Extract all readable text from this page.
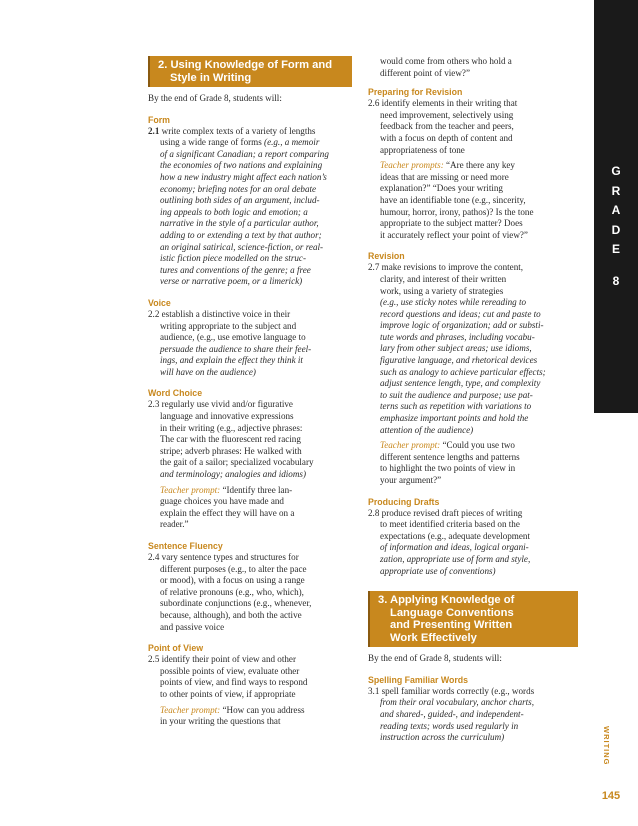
G
R
A
D
E
8
WRITING
145
2. Using Knowledge of Form and
Style in Writing
By the end of Grade 8, students will:
Form
2.1 write complex texts of a variety of lengths
using a wide range of forms (e.g., a memoir
of a significant Canadian; a report comparing
the economies of two nations and explaining
how a new industry might affect each nation’s
economy; briefing notes for an oral debate
outlining both sides of an argument, includ-
ing appeals to both logic and emotion; a
narrative in the style of a particular author,
adding to or extending a text by that author;
an original satirical, science-fiction, or real-
istic fiction piece modelled on the struc-
tures and conventions of the genre; a free
verse or narrative poem, or a limerick)
Voice
2.2 establish a distinctive voice in their
writing appropriate to the subject and
audience, (e.g., use emotive language to
persuade the audience to share their feel-
ings, and explain the effect they think it
will have on the audience)
Word Choice
2.3 regularly use vivid and/or figurative
language and innovative expressions
in their writing (e.g., adjective phrases:
The car with the fluorescent red racing
stripe; adverb phrases: He walked with
the gait of a sailor; specialized vocabulary
and terminology; analogies and idioms)
Teacher prompt: “Identify three lan-
guage choices you have made and
explain the effect they will have on a
reader.”
Sentence Fluency
2.4 vary sentence types and structures for
different purposes (e.g., to alter the pace
or mood), with a focus on using a range
of relative pronouns (e.g., who, which),
subordinate conjunctions (e.g., whenever,
because, although), and both the active
and passive voice
Point of View
2.5 identify their point of view and other
possible points of view, evaluate other
points of view, and find ways to respond
to other points of view, if appropriate
Teacher prompt: “How can you address
in your writing the questions that
would come from others who hold a
different point of view?”
Preparing for Revision
2.6 identify elements in their writing that
need improvement, selectively using
feedback from the teacher and peers,
with a focus on depth of content and
appropriateness of tone
Teacher prompts: “Are there any key
ideas that are missing or need more
explanation?” “Does your writing
have an identifiable tone (e.g., sincerity,
humour, horror, irony, pathos)? Is the tone
appropriate to the subject matter? Does
it accurately reflect your point of view?”
Revision
2.7 make revisions to improve the content,
clarity, and interest of their written
work, using a variety of strategies
(e.g., use sticky notes while rereading to
record questions and ideas; cut and paste to
improve logic of organization; add or substi-
tute words and phrases, including vocabu-
lary from other subject areas; use idioms,
figurative language, and rhetorical devices
such as analogy to achieve particular effects;
adjust sentence length, type, and complexity
to suit the audience and purpose; use pat-
terns such as repetition with variations to
emphasize important points and hold the
attention of the audience)
Teacher prompt: “Could you use two
different sentence lengths and patterns
to highlight the two points of view in
your argument?”
Producing Drafts
2.8 produce revised draft pieces of writing
to meet identified criteria based on the
expectations (e.g., adequate development
of information and ideas, logical organi-
zation, appropriate use of form and style,
appropriate use of conventions)
3. Applying Knowledge of
Language Conventions
and Presenting Written
Work Effectively
By the end of Grade 8, students will:
Spelling Familiar Words
3.1 spell familiar words correctly (e.g., words
from their oral vocabulary, anchor charts,
and shared-, guided-, and independent-
reading texts; words used regularly in
instruction across the curriculum)
